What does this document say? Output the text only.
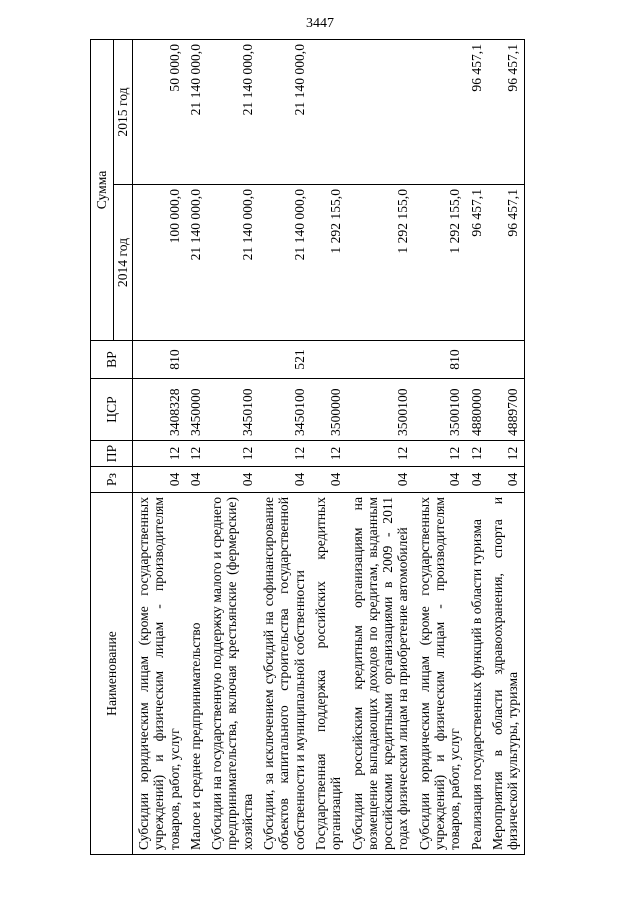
3447
Наименование	Рз	ПР	ЦСР	ВР	Сумма	
					2014 год	2015 год
Субсидии юридическим лицам (кроме государственных учреждений) и физическим лицам - производителям товаров, работ, услуг	04	12	3408328	810	100 000,0	50 000,0
Малое и среднее предпринимательство	04	12	3450000		21 140 000,0	21 140 000,0
Субсидии на государственную поддержку малого и среднего предпринимательства, включая крестьянские (фермерские) хозяйства	04	12	3450100		21 140 000,0	21 140 000,0
Субсидии, за исключением субсидий на софинансирование объектов капитального строительства государственной собственности и муниципальной собственности	04	12	3450100	521	21 140 000,0	21 140 000,0
Государственная поддержка российских кредитных организаций	04	12	3500000		1 292 155,0	
Субсидии российским кредитным организациям на возмещение выпадающих доходов по кредитам, выданным российскими кредитными организациями в 2009 - 2011 годах физическим лицам на приобретение автомобилей	04	12	3500100		1 292 155,0	
Субсидии юридическим лицам (кроме государственных учреждений) и физическим лицам - производителям товаров, работ, услуг	04	12	3500100	810	1 292 155,0	
Реализация государственных функций в области туризма	04	12	4880000		96 457,1	96 457,1
Мероприятия в области здравоохранения, спорта и физической культуры, туризма	04	12	4889700		96 457,1	96 457,1
